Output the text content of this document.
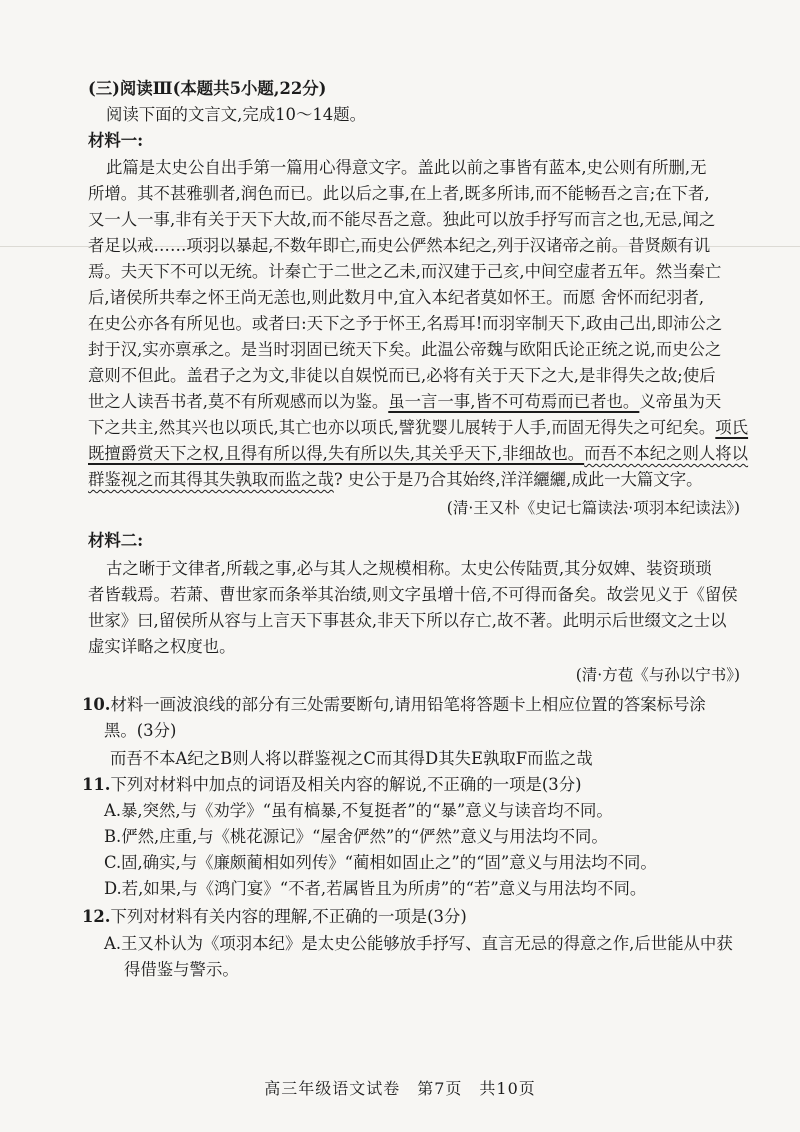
(三)阅读Ⅲ(本题共5小题,22分)
阅读下面的文言文,完成10～14题。
材料一:
此篇是太史公自出手第一篇用心得意文字。盖此以前之事皆有蓝本,史公则有所删,无
所增。其不甚雅驯者,润色而已。此以后之事,在上者,既多所讳,而不能畅吾之言;在下者,
又一人一事,非有关于天下大故,而不能尽吾之意。独此可以放手抒写而言之也,无忌,闻之
者足以戒……项羽以暴起,不数年即亡,而史公俨然本纪之,列于汉诸帝之前。昔贤颇有讥
焉。夫天下不可以无统。计秦亡于二世之乙未,而汉建于己亥,中间空虚者五年。然当秦亡
后,诸侯所共奉之怀王尚无恙也,则此数月中,宜入本纪者莫如怀王。而愿 舍怀而纪羽者,
在史公亦各有所见也。或者曰:天下之予于怀王,名焉耳!而羽宰制天下,政由己出,即沛公之
封于汉,实亦禀承之。是当时羽固已统天下矣。此温公帝魏与欧阳氏论正统之说,而史公之
意则不但此。盖君子之为文,非徒以自娱悦而已,必将有关于天下之大,是非得失之故;使后
世之人读吾书者,莫不有所观感而以为鉴。虽一言一事,皆不可苟焉而已者也。义帝虽为天
下之共主,然其兴也以项氏,其亡也亦以项氏,譬犹婴儿展转于人手,而固无得失之可纪矣。项氏
既擅爵赏天下之权,且得有所以得,失有所以失,其关乎天下,非细故也。而吾不本纪之则人将以
群鉴视之而其得其失孰取而监之哉? 史公于是乃合其始终,洋洋纚纚,成此一大篇文字。
(清·王又朴《史记七篇读法·项羽本纪读法》)
材料二:
古之晰于文律者,所载之事,必与其人之规模相称。太史公传陆贾,其分奴婢、装资琐琐
者皆载焉。若萧、曹世家而条举其治绩,则文字虽增十倍,不可得而备矣。故尝见义于《留侯
世家》曰,留侯所从容与上言天下事甚众,非天下所以存亡,故不著。此明示后世缀文之士以
虚实详略之权度也。
(清·方苞《与孙以宁书》)
10.材料一画波浪线的部分有三处需要断句,请用铅笔将答题卡上相应位置的答案标号涂
黑。(3分)
而吾不本A纪之B则人将以群鉴视之C而其得D其失E孰取F而监之哉
11.下列对材料中加点的词语及相关内容的解说,不正确的一项是(3分)
A.暴,突然,与《劝学》“虽有槁暴,不复挺者”的“暴”意义与读音均不同。
B.俨然,庄重,与《桃花源记》“屋舍俨然”的“俨然”意义与用法均不同。
C.固,确实,与《廉颇蔺相如列传》“蔺相如固止之”的“固”意义与用法均不同。
D.若,如果,与《鸿门宴》“不者,若属皆且为所虏”的“若”意义与用法均不同。
12.下列对材料有关内容的理解,不正确的一项是(3分)
A.王又朴认为《项羽本纪》是太史公能够放手抒写、直言无忌的得意之作,后世能从中获
得借鉴与警示。
高三年级语文试卷　第7页　共10页
